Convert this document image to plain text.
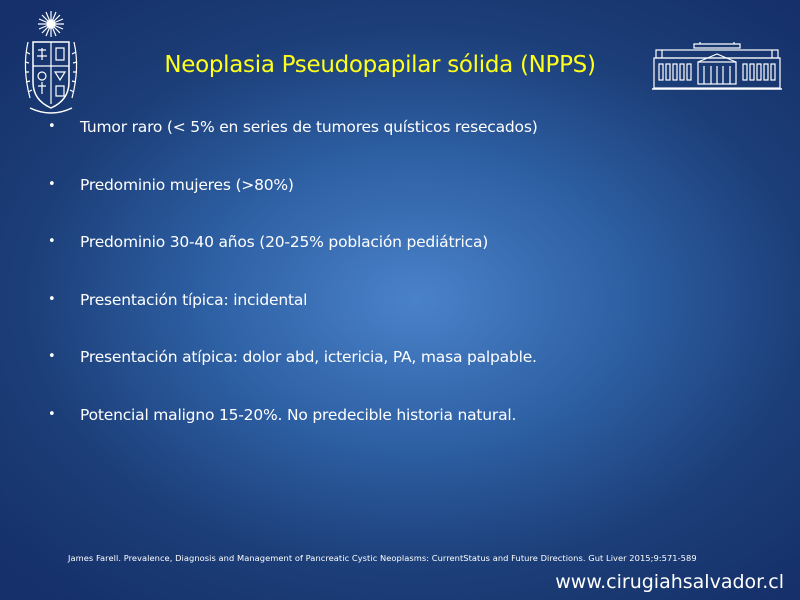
Neoplasia Pseudopapilar sólida (NPPS)
•	Tumor raro (< 5% en series de tumores quísticos resecados)
•	Predominio mujeres (>80%)
•	Predominio 30-40 años (20-25% población pediátrica)
•	Presentación típica: incidental
•	Presentación atípica: dolor abd, ictericia, PA, masa palpable.
•	Potencial maligno 15-20%. No predecible historia natural.
James Farell. Prevalence, Diagnosis and Management of Pancreatic Cystic Neoplasms: CurrentStatus and Future Directions. Gut Liver 2015;9:571-589
www.cirugiahsalvador.cl
